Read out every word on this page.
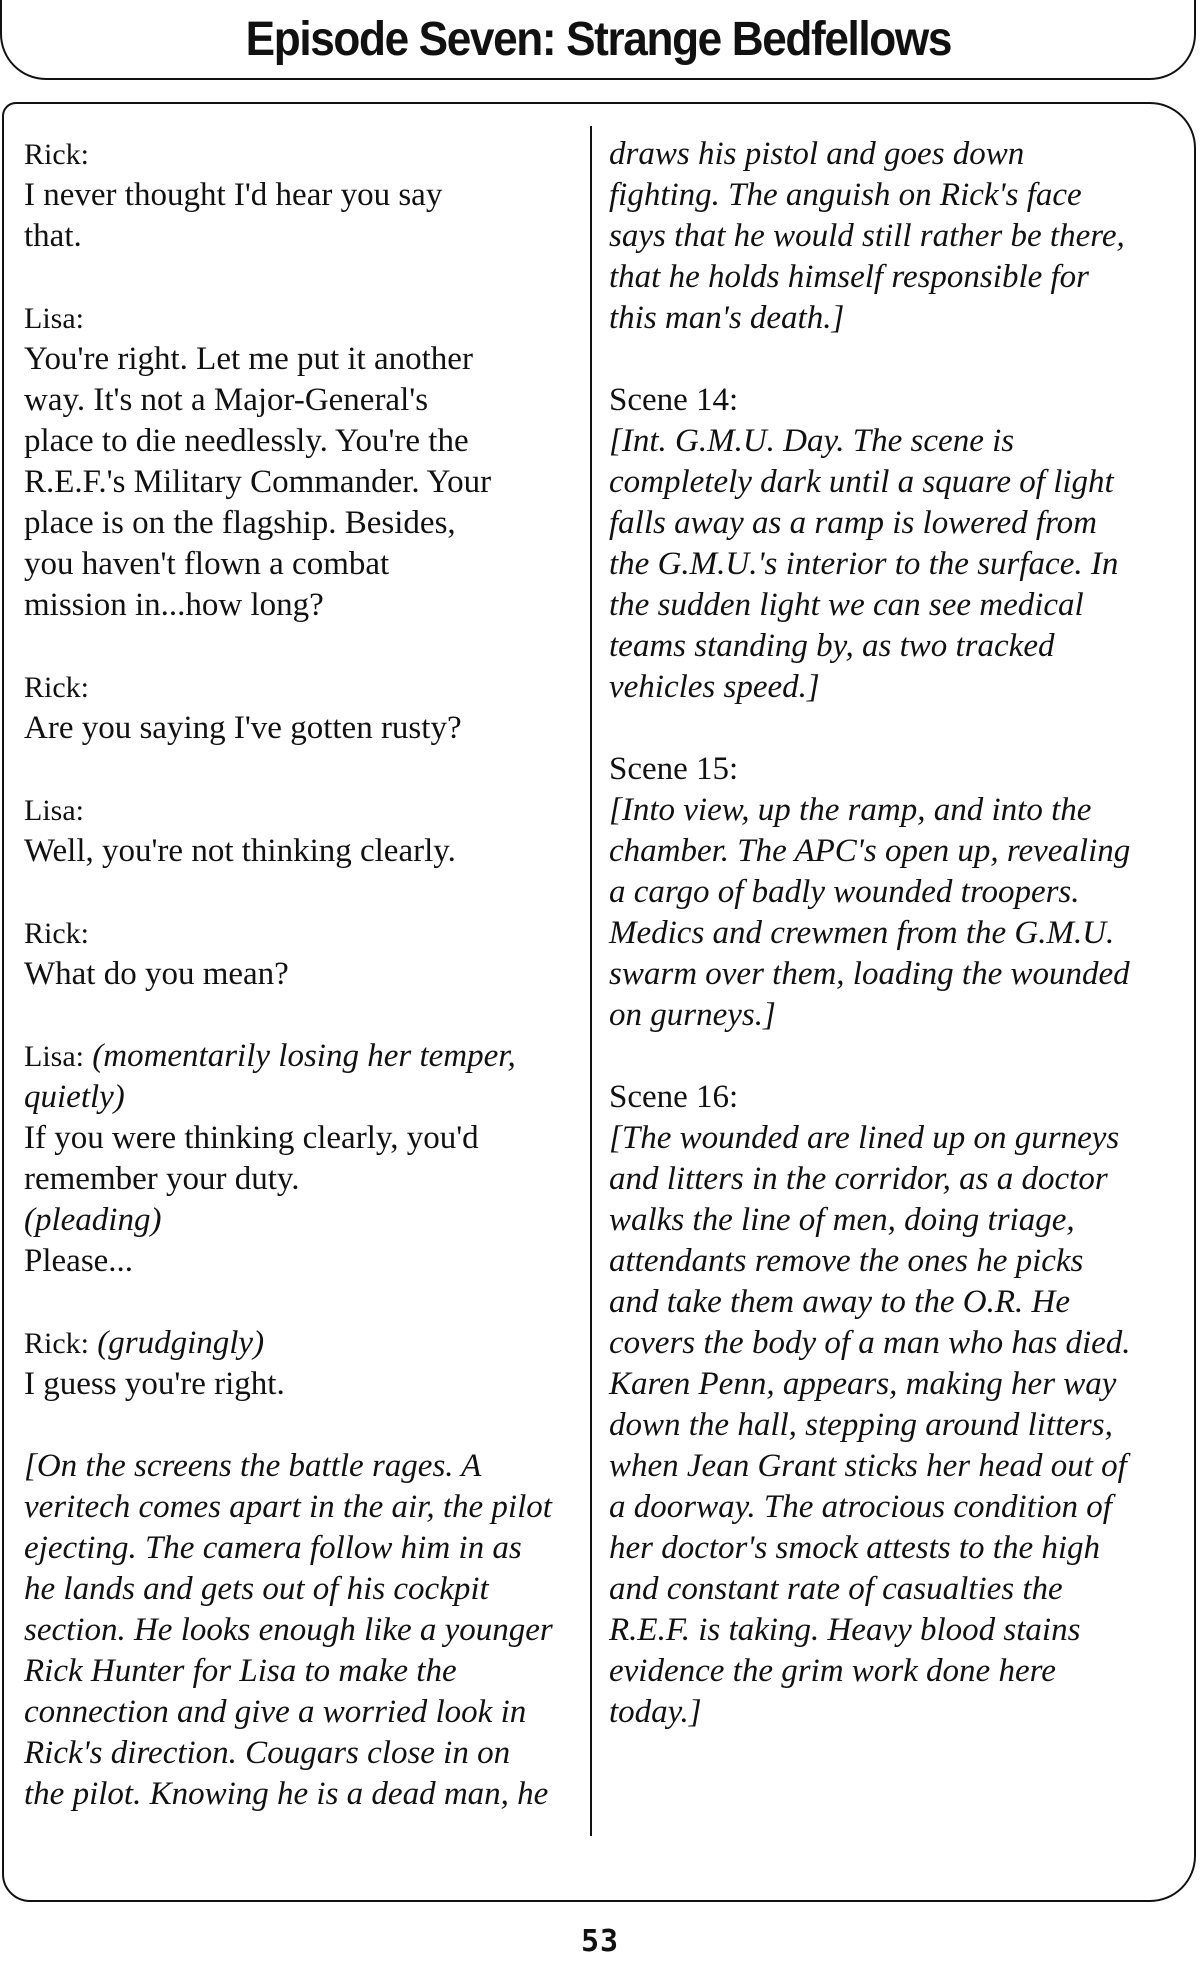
Episode Seven: Strange Bedfellows
Rick:
I never thought I'd hear you say
that.
Lisa:
You're right. Let me put it another
way. It's not a Major-General's
place to die needlessly. You're the
R.E.F.'s Military Commander. Your
place is on the flagship. Besides,
you haven't flown a combat
mission in...how long?
Rick:
Are you saying I've gotten rusty?
Lisa:
Well, you're not thinking clearly.
Rick:
What do you mean?
Lisa: (momentarily losing her temper,
quietly)
If you were thinking clearly, you'd
remember your duty.
(pleading)
Please...
Rick: (grudgingly)
I guess you're right.
[On the screens the battle rages. A
veritech comes apart in the air, the pilot
ejecting. The camera follow him in as
he lands and gets out of his cockpit
section. He looks enough like a younger
Rick Hunter for Lisa to make the
connection and give a worried look in
Rick's direction. Cougars close in on
the pilot. Knowing he is a dead man, he
draws his pistol and goes down
fighting. The anguish on Rick's face
says that he would still rather be there,
that he holds himself responsible for
this man's death.]
Scene 14:
[Int. G.M.U. Day. The scene is
completely dark until a square of light
falls away as a ramp is lowered from
the G.M.U.'s interior to the surface. In
the sudden light we can see medical
teams standing by, as two tracked
vehicles speed.]
Scene 15:
[Into view, up the ramp, and into the
chamber. The APC's open up, revealing
a cargo of badly wounded troopers.
Medics and crewmen from the G.M.U.
swarm over them, loading the wounded
on gurneys.]
Scene 16:
[The wounded are lined up on gurneys
and litters in the corridor, as a doctor
walks the line of men, doing triage,
attendants remove the ones he picks
and take them away to the O.R. He
covers the body of a man who has died.
Karen Penn, appears, making her way
down the hall, stepping around litters,
when Jean Grant sticks her head out of
a doorway. The atrocious condition of
her doctor's smock attests to the high
and constant rate of casualties the
R.E.F. is taking. Heavy blood stains
evidence the grim work done here
today.]
53
